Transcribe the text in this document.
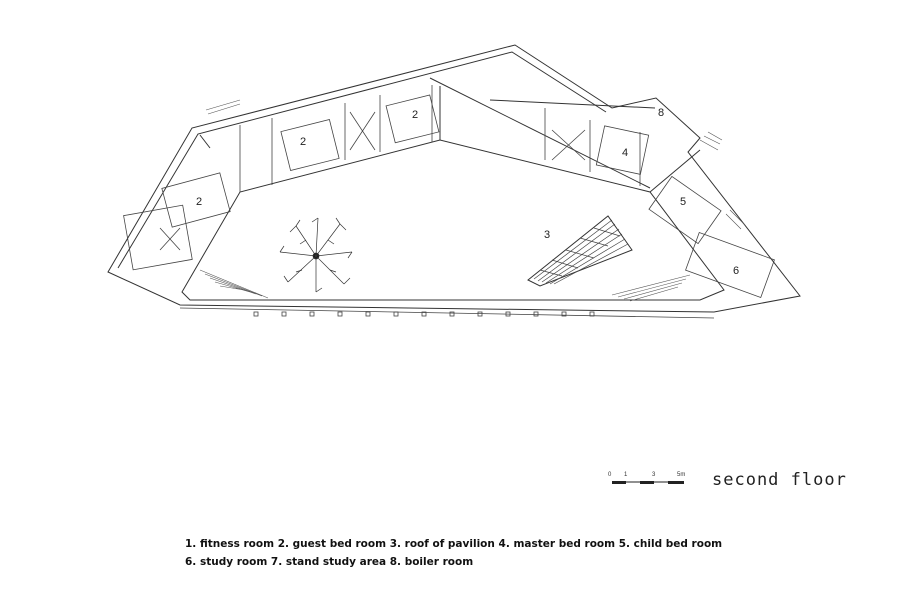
2
2
2
3
4
5
6
8
0 1	3	5m second floor
1. fitness room 2. guest bed room 3. roof of pavilion 4. master bed room 5. child bed room
6. study room 7. stand study area 8. boiler room
